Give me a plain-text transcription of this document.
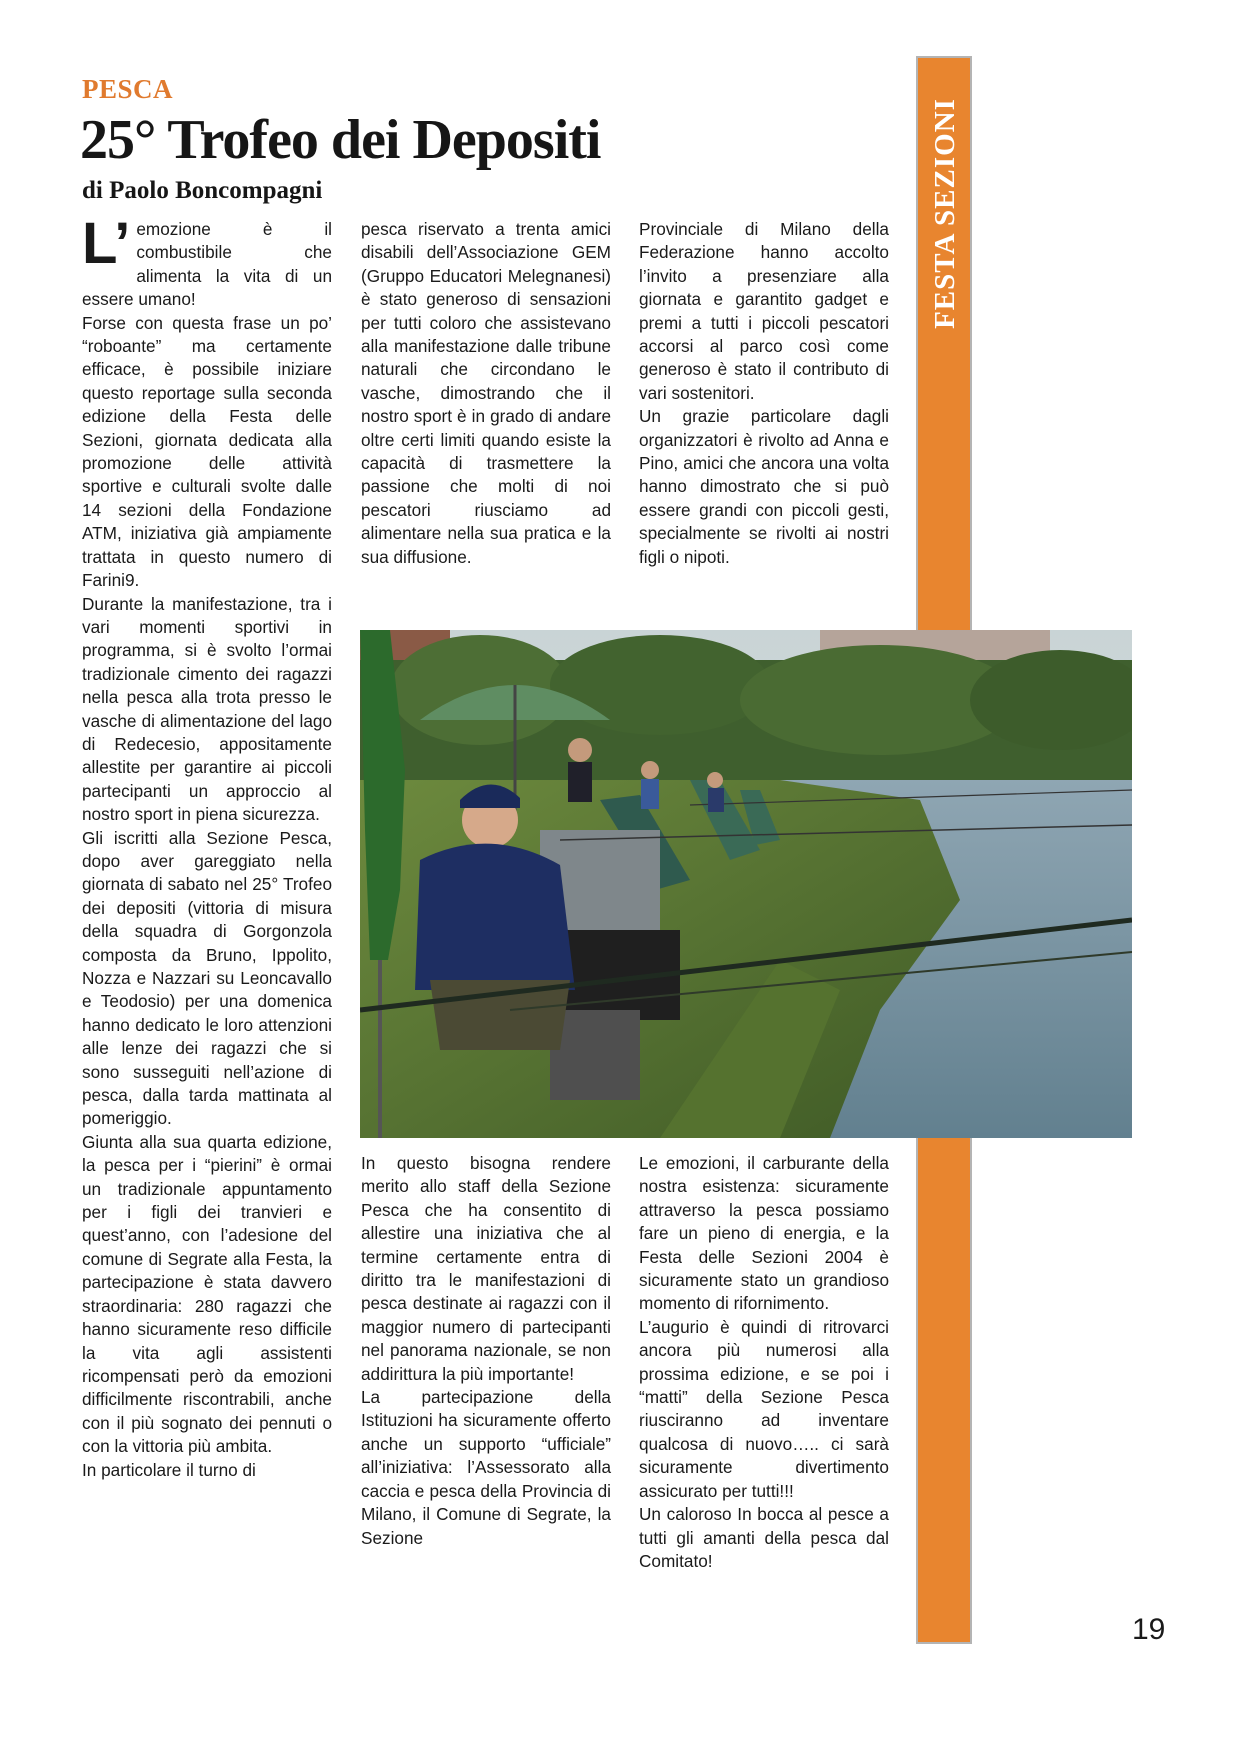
PESCA
25° Trofeo dei Depositi
di Paolo Boncompagni	FESTA SEZIONI
L’ emozione è il combustibile che alimenta la vita di un essere umano!
Forse con questa frase un po’ “roboante” ma certamente efficace, è possibile iniziare questo reportage sulla seconda edizione della Festa delle Sezioni, giornata dedicata alla promozione delle attività sportive e culturali svolte dalle 14 sezioni della Fondazione ATM, iniziativa già ampiamente trattata in questo numero di Farini9.
Durante la manifestazione, tra i vari momenti sportivi in programma, si è svolto l’ormai tradizionale cimento dei ragazzi nella pesca alla trota presso le vasche di alimentazione del lago di Redecesio, appositamente allestite per garantire ai piccoli partecipanti un approccio al nostro sport in piena sicurezza.
Gli iscritti alla Sezione Pesca, dopo aver gareggiato nella giornata di sabato nel 25° Trofeo dei depositi (vittoria di misura della squadra di Gorgonzola composta da Bruno, Ippolito, Nozza e Nazzari su Leoncavallo e Teodosio) per una domenica hanno dedicato le loro attenzioni alle lenze dei ragazzi che si sono susseguiti nell’azione di pesca, dalla tarda mattinata al pomeriggio.
Giunta alla sua quarta edizione, la pesca per i “pierini” è ormai un tradizionale appuntamento per i figli dei tranvieri e quest’anno, con l’adesione del comune di Segrate alla Festa, la partecipazione è stata davvero straordinaria: 280 ragazzi che hanno sicuramente reso difficile la vita agli assistenti ricompensati però da emozioni difficilmente riscontrabili, anche con il più sognato dei pennuti o con la vittoria più ambita.
In particolare il turno di
pesca riservato a trenta amici disabili dell’Associazione GEM (Gruppo Educatori Melegnanesi) è stato generoso di sensazioni per tutti coloro che assistevano alla manifestazione dalle tribune naturali che circondano le vasche, dimostrando che il nostro sport è in grado di andare oltre certi limiti quando esiste la capacità di trasmettere la passione che molti di noi pescatori riusciamo ad alimentare nella sua pratica e la sua diffusione.
Provinciale di Milano della Federazione hanno accolto l’invito a presenziare alla giornata e garantito gadget e premi a tutti i piccoli pescatori accorsi al parco così come generoso è stato il contributo di vari sostenitori.
Un grazie particolare dagli organizzatori è rivolto ad Anna e Pino, amici che ancora una volta hanno dimostrato che si può essere grandi con piccoli gesti, specialmente se rivolti ai nostri figli o nipoti.
In questo bisogna rendere merito allo staff della Sezione Pesca che ha consentito di allestire una iniziativa che al termine certamente entra di diritto tra le manifestazioni di pesca destinate ai ragazzi con il maggior numero di partecipanti nel panorama nazionale, se non addirittura la più importante!
La partecipazione della Istituzioni ha sicuramente offerto anche un supporto “ufficiale” all’iniziativa: l’Assessorato alla caccia e pesca della Provincia di Milano, il Comune di Segrate, la Sezione
Le emozioni, il carburante della nostra esistenza: sicuramente attraverso la pesca possiamo fare un pieno di energia, e la Festa delle Sezioni 2004 è sicuramente stato un grandioso momento di rifornimento.
L’augurio è quindi di ritrovarci ancora più numerosi alla prossima edizione, e se poi i “matti” della Sezione Pesca riusciranno ad inventare qualcosa di nuovo….. ci sarà sicuramente divertimento assicurato per tutti!!!
Un caloroso In bocca al pesce a tutti gli amanti della pesca dal Comitato!
19
